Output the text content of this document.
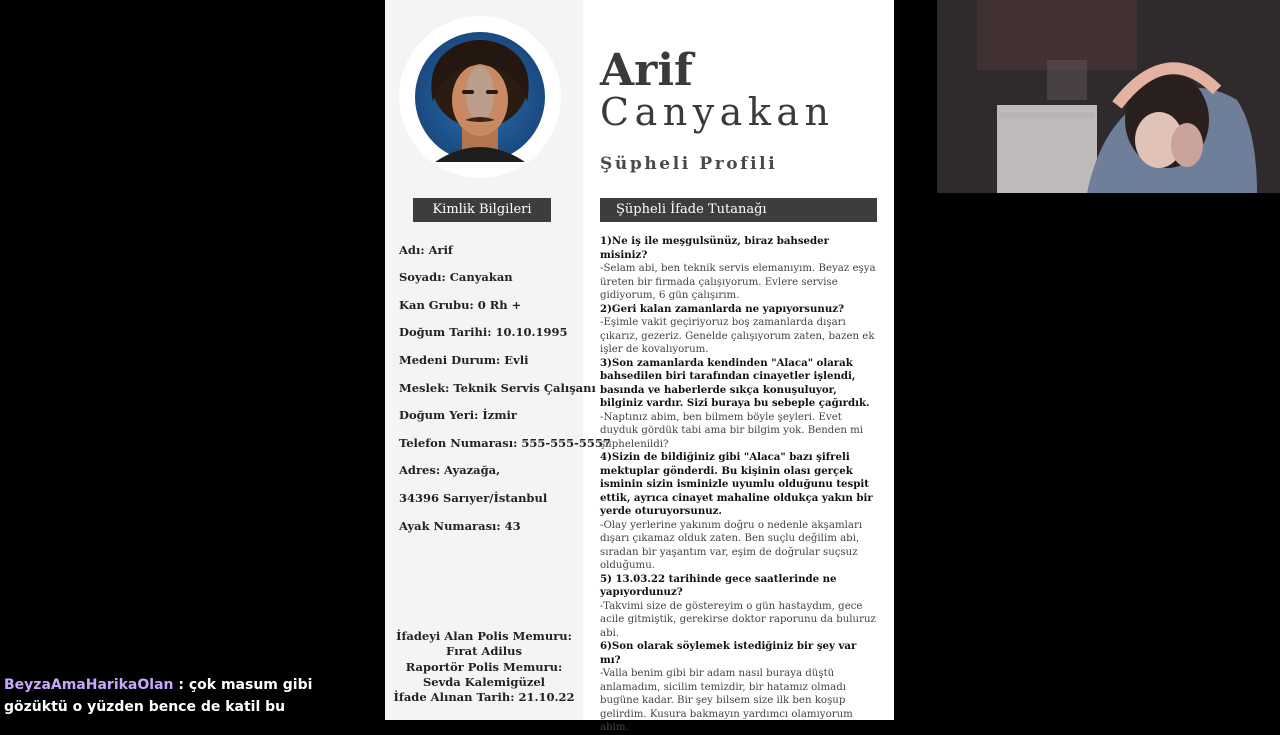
Kimlik Bilgileri
Adı: Arif
Soyadı: Canyakan
Kan Grubu: 0 Rh +
Doğum Tarihi: 10.10.1995
Medeni Durum: Evli
Meslek: Teknik Servis Çalışanı
Doğum Yeri: İzmir
Telefon Numarası: 555-555-5557
Adres: Ayazağa,
34396 Sarıyer/İstanbul
Ayak Numarası: 43
İfadeyi Alan Polis Memuru:
Fırat Adilus
Raportör Polis Memuru:
Sevda Kalemigüzel
İfade Alınan Tarih: 21.10.22
Arif
Canyakan
Şüpheli Profili
Şüpheli İfade Tutanağı
1)Ne iş ile meşgulsünüz, biraz bahseder misiniz?
-Selam abi, ben teknik servis elemanıyım. Beyaz eşya üreten bir firmada çalışıyorum. Evlere servise gidiyorum, 6 gün çalışırım.
2)Geri kalan zamanlarda ne yapıyorsunuz?
-Eşimle vakit geçiriyoruz boş zamanlarda dışarı çıkarız, gezeriz. Genelde çalışıyorum zaten, bazen ek işler de kovalıyorum.
3)Son zamanlarda kendinden "Alaca" olarak bahsedilen biri tarafından cinayetler işlendi, basında ve haberlerde sıkça konuşuluyor, bilginiz vardır. Sizi buraya bu sebeple çağırdık.
-Naptınız abim, ben bilmem böyle şeyleri. Evet duyduk gördük tabi ama bir bilgim yok. Benden mi şüphelenildi?
4)Sizin de bildiğiniz gibi "Alaca" bazı şifreli mektuplar gönderdi. Bu kişinin olası gerçek isminin sizin isminizle uyumlu olduğunu tespit ettik, ayrıca cinayet mahaline oldukça yakın bir yerde oturuyorsunuz.
-Olay yerlerine yakınım doğru o nedenle akşamları dışarı çıkamaz olduk zaten. Ben suçlu değilim abi, sıradan bir yaşantım var, eşim de doğrular suçsuz olduğumu.
5) 13.03.22 tarihinde gece saatlerinde ne yapıyordunuz?
-Takvimi size de göstereyim o gün hastaydım, gece acile gitmiştik, gerekirse doktor raporunu da buluruz abi.
6)Son olarak söylemek istediğiniz bir şey var mı?
-Valla benim gibi bir adam nasıl buraya düştü anlamadım, sicilim temizdir, bir hatamız olmadı bugüne kadar. Bir şey bilsem size ilk ben koşup gelirdim. Kusura bakmayın yardımcı olamıyorum abim.
BeyzaAmaHarikaOlan : çok masum gibi gözüktü o yüzden bence de katil bu
